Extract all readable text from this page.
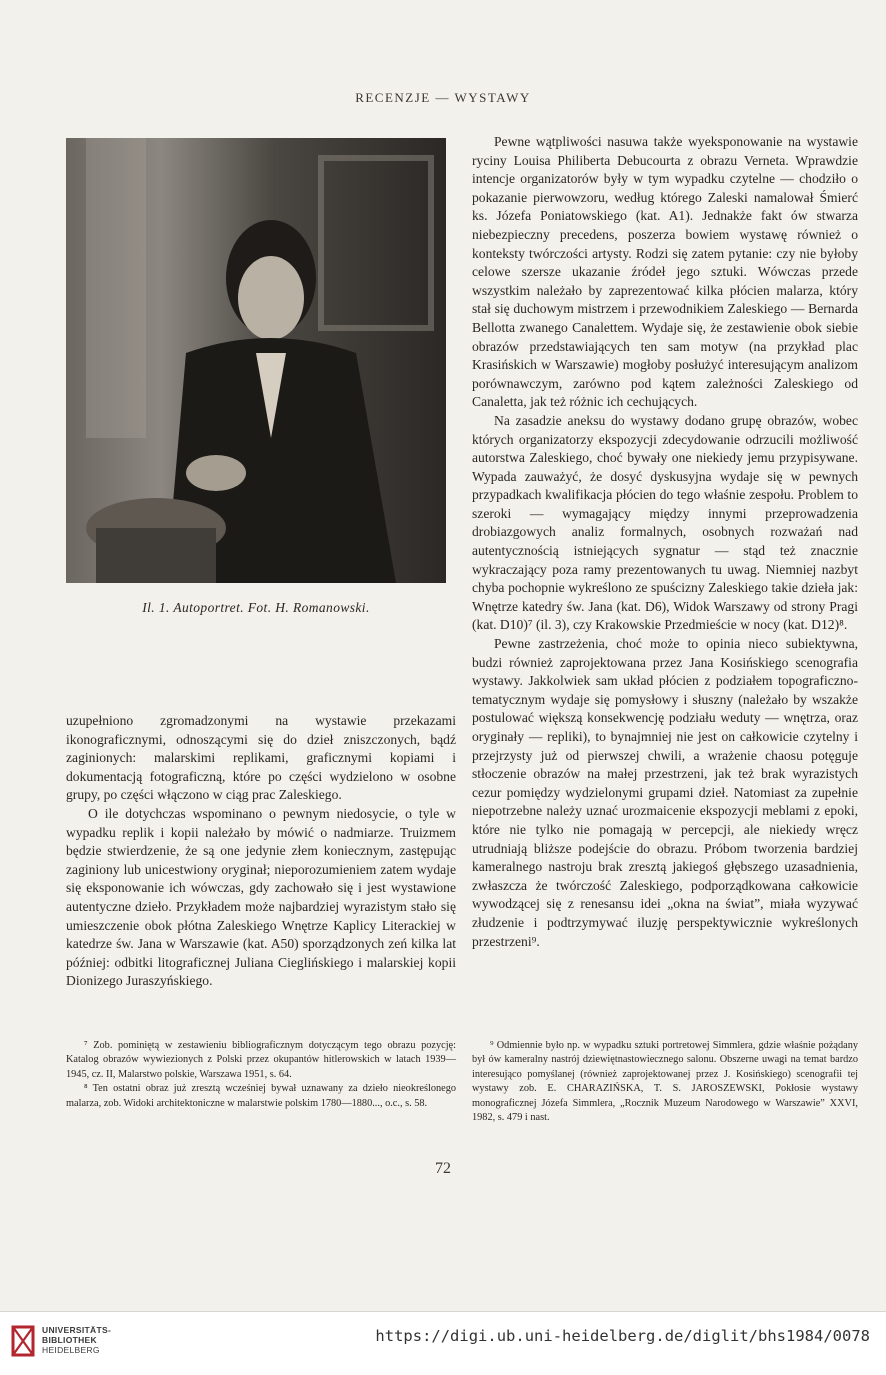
RECENZJE — WYSTAWY
Il. 1. Autoportret. Fot. H. Romanowski.

Pewne wątpliwości nasuwa także wyeksponowanie na wystawie ryciny Louisa Philiberta Debucourta z obrazu Verneta. Wprawdzie intencje organizatorów były w tym wypadku czytelne — chodziło o pokazanie pierwowzoru, według którego Zaleski namalował Śmierć ks. Józefa Poniatowskiego (kat. A1). Jednakże fakt ów stwarza niebezpieczny precedens, poszerza bowiem wystawę również o konteksty twórczości artysty. Rodzi się zatem pytanie: czy nie byłoby celowe szersze ukazanie źródeł jego sztuki. Wówczas przede wszystkim należało by zaprezentować kilka płócien malarza, który stał się duchowym mistrzem i przewodnikiem Zaleskiego — Bernarda Bellotta zwanego Canalettem. Wydaje się, że zestawienie obok siebie obrazów przedstawiających ten sam motyw (na przykład plac Krasińskich w Warszawie) mogłoby posłużyć interesującym analizom porównawczym, zarówno pod kątem zależności Zaleskiego od Canaletta, jak też różnic ich cechujących.

Na zasadzie aneksu do wystawy dodano grupę obrazów, wobec których organizatorzy ekspozycji zdecydowanie odrzucili możliwość autorstwa Zaleskiego, choć bywały one niekiedy jemu przypisywane. Wypada zauważyć, że dosyć dyskusyjna wydaje się w pewnych przypadkach kwalifikacja płócien do tego właśnie zespołu. Problem to szeroki — wymagający między innymi przeprowadzenia drobiazgowych analiz formalnych, osobnych rozważań nad autentycznością istniejących sygnatur — stąd też znacznie wykraczający poza ramy prezentowanych tu uwag. Niemniej nazbyt chyba pochopnie wykreślono ze spuścizny Zaleskiego takie dzieła jak: Wnętrze katedry św. Jana (kat. D6), Widok Warszawy od strony Pragi (kat. D10)⁷ (il. 3), czy Krakowskie Przedmieście w nocy (kat. D12)⁸.

Pewne zastrzeżenia, choć może to opinia nieco subiektywna, budzi również zaprojektowana przez Jana Kosińskiego scenografia wystawy. Jakkolwiek sam układ płócien z podziałem topograficzno-tematycznym wydaje się pomysłowy i słuszny (należało by wszakże postulować większą konsekwencję podziału weduty — wnętrza, oraz oryginały — repliki), to bynajmniej nie jest on całkowicie czytelny i przejrzysty już od pierwszej chwili, a wrażenie chaosu potęguje stłoczenie obrazów na małej przestrzeni, jak też brak wyrazistych cezur pomiędzy wydzielonymi grupami dzieł. Natomiast za zupełnie niepotrzebne należy uznać urozmaicenie ekspozycji meblami z epoki, które nie tylko nie pomagają w percepcji, ale niekiedy wręcz utrudniają bliższe podejście do obrazu. Próbom tworzenia bardziej kameralnego nastroju brak zresztą jakiegoś głębszego uzasadnienia, zwłaszcza że twórczość Zaleskiego, podporządkowana całkowicie wywodzącej się z renesansu idei „okna na świat”, miała wyzywać złudzenie i podtrzymywać iluzję perspektywicznie wykreślonych przestrzeni⁹.

uzupełniono zgromadzonymi na wystawie przekazami ikonograficznymi, odnoszącymi się do dzieł zniszczonych, bądź zaginionych: malarskimi replikami, graficznymi kopiami i dokumentacją fotograficzną, które po części wydzielono w osobne grupy, po części włączono w ciąg prac Zaleskiego.

O ile dotychczas wspominano o pewnym niedosycie, o tyle w wypadku replik i kopii należało by mówić o nadmiarze. Truizmem będzie stwierdzenie, że są one jedynie złem koniecznym, zastępując zaginiony lub unicestwiony oryginał; nieporozumieniem zatem wydaje się eksponowanie ich wówczas, gdy zachowało się i jest wystawione autentyczne dzieło. Przykładem może najbardziej wyrazistym stało się umieszczenie obok płótna Zaleskiego Wnętrze Kaplicy Literackiej w katedrze św. Jana w Warszawie (kat. A50) sporządzonych zeń kilka lat później: odbitki litograficznej Juliana Cieglińskiego i malarskiej kopii Dionizego Juraszyńskiego.

⁷ Zob. pominiętą w zestawieniu bibliograficznym dotyczącym tego obrazu pozycję: Katalog obrazów wywiezionych z Polski przez okupantów hitlerowskich w latach 1939—1945, cz. II, Malarstwo polskie, Warszawa 1951, s. 64.

⁸ Ten ostatni obraz już zresztą wcześniej bywał uznawany za dzieło nieokreślonego malarza, zob. Widoki architektoniczne w malarstwie polskim 1780—1880..., o.c., s. 58.

⁹ Odmiennie było np. w wypadku sztuki portretowej Simmlera, gdzie właśnie pożądany był ów kameralny nastrój dziewiętnastowiecznego salonu. Obszerne uwagi na temat bardzo interesująco pomyślanej (również zaprojektowanej przez J. Kosińskiego) scenografii tej wystawy zob. E. CHARAZIŃSKA, T. S. JAROSZEWSKI, Pokłosie wystawy monograficznej Józefa Simmlera, „Rocznik Muzeum Narodowego w Warszawie” XXVI, 1982, s. 479 i nast.

72
UNIVERSITÄTS-
BIBLIOTHEK
HEIDELBERG
https://digi.ub.uni-heidelberg.de/diglit/bhs1984/0078
